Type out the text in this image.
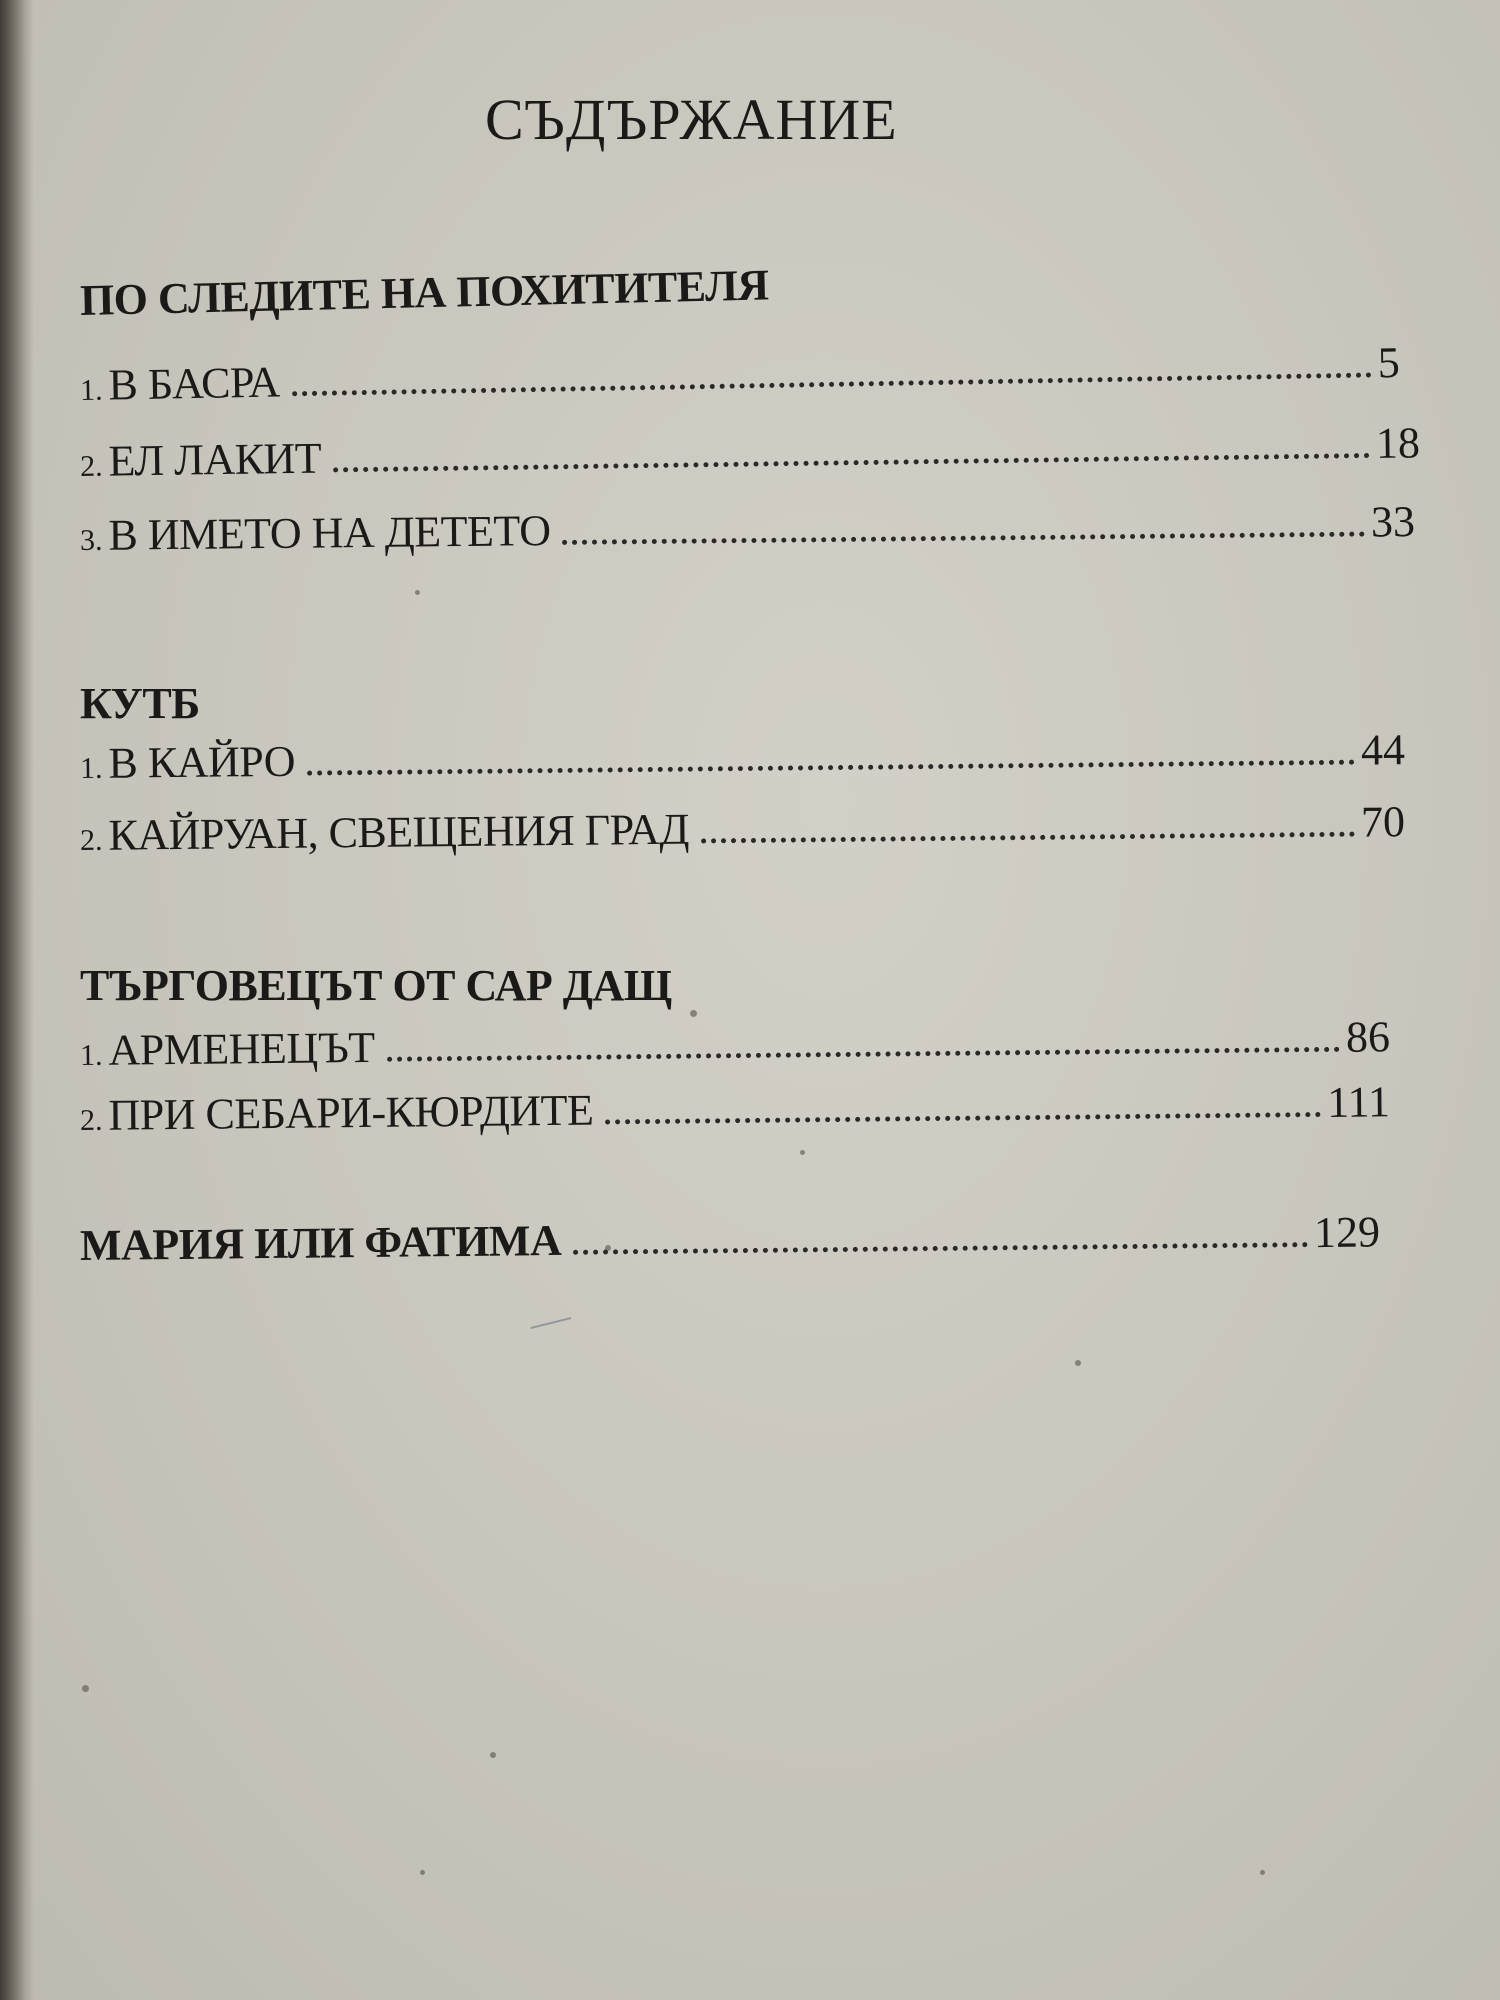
СЪДЪРЖАНИЕ
ПО СЛЕДИТЕ НА ПОХИТИТЕЛЯ
1. В БАСРА	5
2. ЕЛ ЛАКИТ	18
3. В ИМЕТО НА ДЕТЕТО	33
КУТБ
1. В КАЙРО	44
2. КАЙРУАН, СВЕЩЕНИЯ ГРАД	70
ТЪРГОВЕЦЪТ ОТ САР ДАЩ
1. АРМЕНЕЦЪТ	86
2. ПРИ СЕБАРИ-КЮРДИТЕ	111
МАРИЯ ИЛИ ФАТИМА	129
